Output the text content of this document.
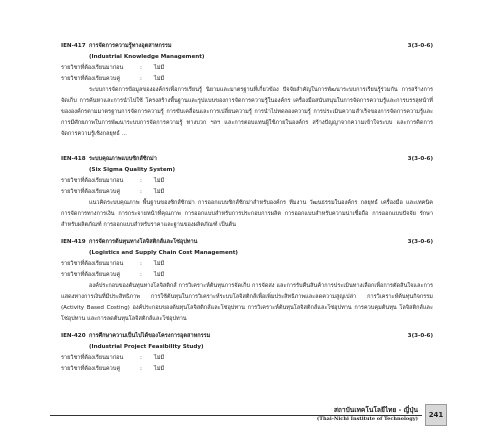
IEN-417 การจัดการความรู้ทางอุตสาหกรรม	3(3-0-6)
(Industrial Knowledge Management)
รายวิชาที่ต้องเรียนมาก่อน	: ไม่มี
รายวิชาที่ต้องเรียนควบคู่	: ไม่มี

ระบบการจัดการข้อมูลขององค์กรเพื่อการเรียนรู้ นิยามและมาตรฐานที่เกี่ยวข้อง ปัจจัยสำคัญในการพัฒนาระบบการเรียนรู้ร่วมกัน การสร้างการจัดเก็บ การค้นหาและการนำไปใช้ โครงสร้างพื้นฐานและรูปแบบของการจัดการความรู้ในองค์กร เครื่องมือสนับสนุนในการจัดการความรู้และการบรรลุหน้าที่ขององค์กรตามมาตรฐานการจัดการความรู้ การขับเคลื่อนและการเปลี่ยนความรู้ การนำไปทดลองความรู้ การประเมินความสำเร็จของการจัดการความรู้และการมีศักยภาพในการพัฒนาระบบการจัดการความรู้ ทางบวก ฯลฯ และการตอบแทนผู้ใช้ภายในองค์กร สร้างปัญญาจากความเข้าใจระบบ และการคิดการจัดการความรู้เชิงกลยุทธ์ ...

IEN-418 ระบบคุณภาพแบบซิกส์ซิกม่า	3(3-0-6)
(Six Sigma Quality System)
รายวิชาที่ต้องเรียนมาก่อน	: ไม่มี
รายวิชาที่ต้องเรียนควบคู่	: ไม่มี

แนวคิดระบบคุณภาพ พื้นฐานของซิกส์ซิกม่า การออกแบบซิกส์ซิกม่าสำหรับองค์กร ทีมงาน วัฒนธรรมในองค์กร กลยุทธ์ เครื่องมือ และเทคนิค การจัดการทางการเงิน การกระจายหน้าที่คุณภาพ การออกแบบสำหรับการประกอบการผลิต การออกแบบสำหรับความน่าเชื่อถือ การออกแบบปัจจัย รักษาสำหรับผลิตภัณฑ์ การออกแบบสำหรับราคาและฐานของผลิตภัณฑ์ เป็นต้น

IEN-419 การจัดการต้นทุนทางโลจิสติกส์และโซ่อุปทาน	3(3-0-6)
(Logistics and Supply Chain Cost Management)
รายวิชาที่ต้องเรียนมาก่อน	: ไม่มี
รายวิชาที่ต้องเรียนควบคู่	: ไม่มี

องค์ประกอบของต้นทุนทางโลจิสติกส์ การวิเคราะห์ต้นทุนการจัดเก็บ การจัดส่ง และการรับคืนสินค้าการประเมินทางเลือกเพื่อการตัดสินใจและการแสดงทางการเงินที่มีประสิทธิภาพ การใช้ต้นทุนในการวิเคราะห์ระบบโลจิสติกส์เพื่อเพิ่มประสิทธิภาพและลดความสูญเปล่า การวิเคราะห์ต้นทุนกิจกรรม (Activity Based Costing) องค์ประกอบของต้นทุนโลจิสติกส์และโซ่อุปทาน การวิเคราะห์ต้นทุนโลจิสติกส์และโซ่อุปทาน การควบคุมต้นทุน โลจิสติกส์และโซ่อุปทาน และการลดต้นทุนโลจิสติกส์และโซ่อุปทาน

IEN-420 การศึกษาความเป็นไปได้ของโครงการอุตสาหกรรม	3(3-0-6)
(Industrial Project Feasibility Study)
รายวิชาที่ต้องเรียนมาก่อน	: ไม่มี
รายวิชาที่ต้องเรียนควบคู่	: ไม่มี
สถาบันเทคโนโลยีไทย - ญี่ปุ่น
(Thai-Nichi Institute of Technology)	241
